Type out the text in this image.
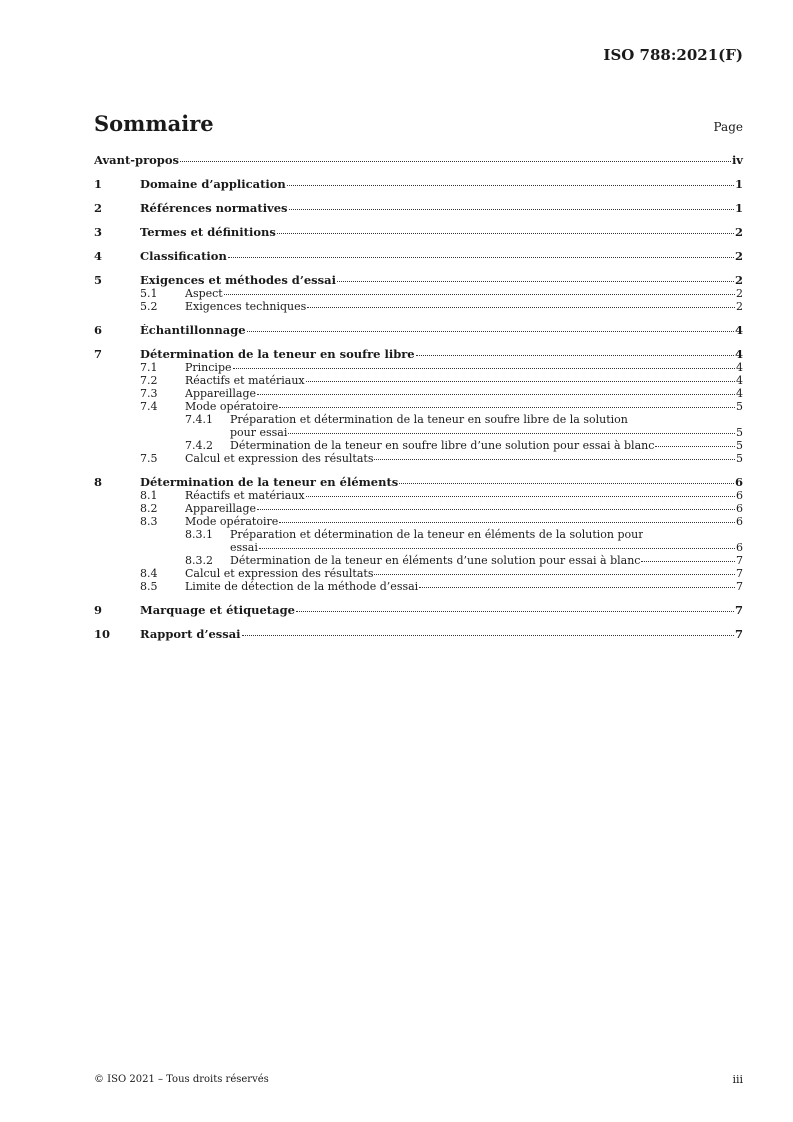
ISO 788:2021(F)
Sommaire	Page
Avant-propos	iv
1	Domaine d’application	1
2	Références normatives	1
3	Termes et définitions	2
4	Classification	2
5	Exigences et méthodes d’essai	2
5.1	Aspect	2
5.2	Exigences techniques	2
6	Échantillonnage	4
7	Détermination de la teneur en soufre libre	4
7.1	Principe	4
7.2	Réactifs et matériaux	4
7.3	Appareillage	4
7.4	Mode opératoire	5
7.4.1	Préparation et détermination de la teneur en soufre libre de la solution
pour essai	5
7.4.2	Détermination de la teneur en soufre libre d’une solution pour essai à blanc	5
7.5	Calcul et expression des résultats	5
8	Détermination de la teneur en éléments	6
8.1	Réactifs et matériaux	6
8.2	Appareillage	6
8.3	Mode opératoire	6
8.3.1	Préparation et détermination de la teneur en éléments de la solution pour
essai	6
8.3.2	Détermination de la teneur en éléments d’une solution pour essai à blanc	7
8.4	Calcul et expression des résultats	7
8.5	Limite de détection de la méthode d’essai	7
9	Marquage et étiquetage	7
10	Rapport d’essai	7
© ISO 2021 – Tous droits réservés	iii
